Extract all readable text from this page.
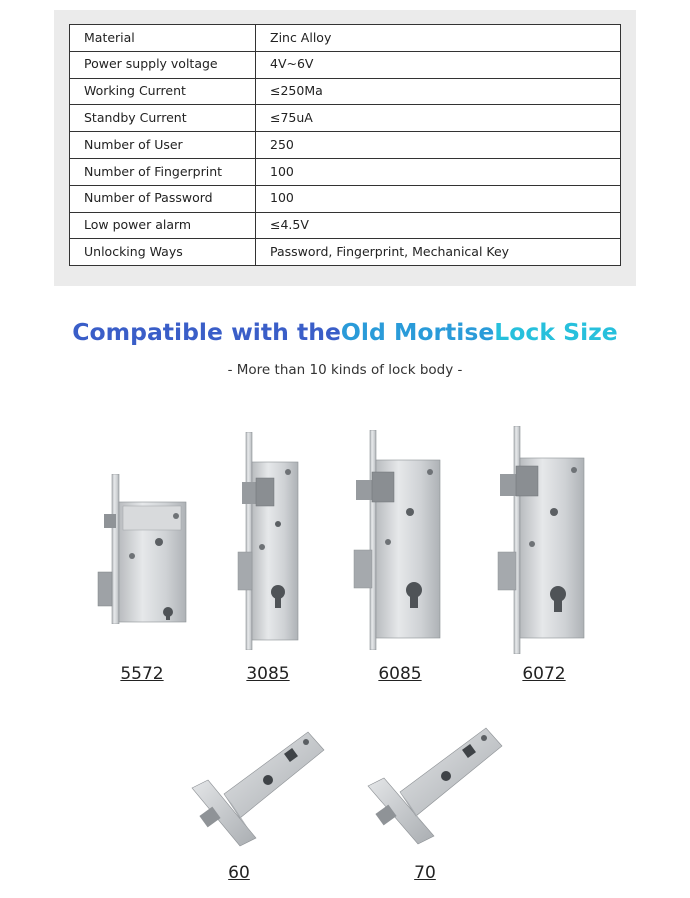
Material	Zinc Alloy
Power supply voltage	4V~6V
Working Current	≤250Ma
Standby Current	≤75uA
Number of User	250
Number of Fingerprint	100
Number of Password	100
Low power alarm	≤4.5V
Unlocking Ways	Password, Fingerprint, Mechanical Key
Compatible with theOld MortiseLock Size
- More than 10 kinds of lock body -
5572	3085	6085	6072
60	70
